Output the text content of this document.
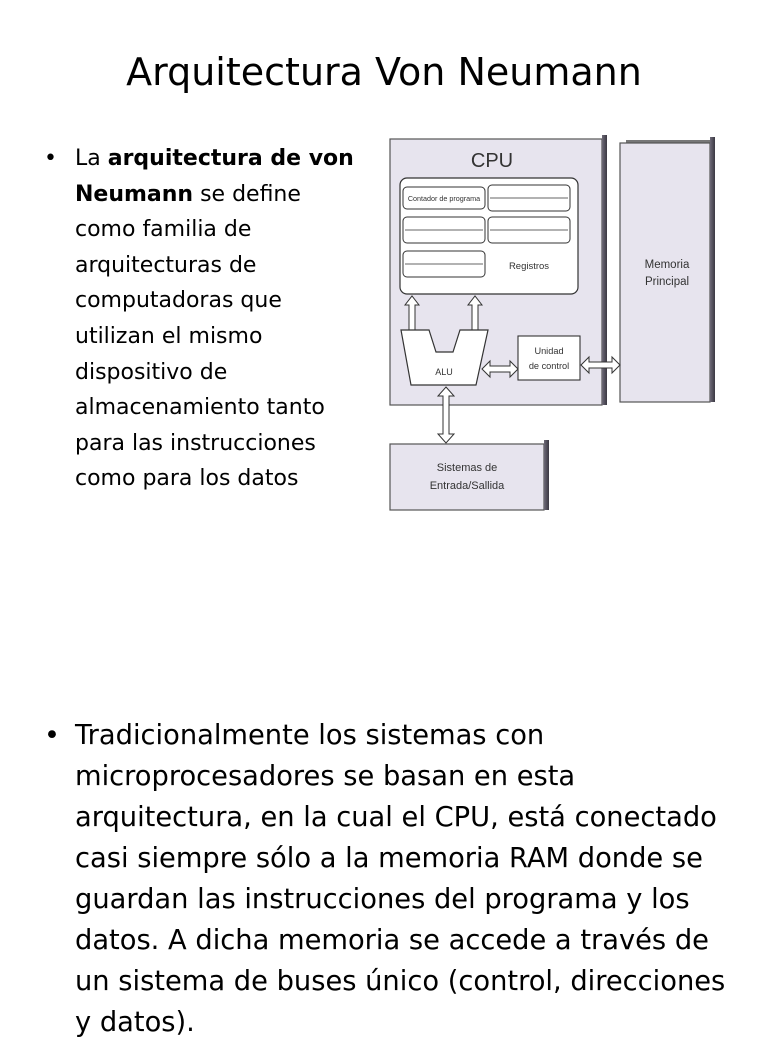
Arquitectura Von Neumann
• La arquitectura de von Neumann se define como familia de arquitecturas de computadoras que utilizan el mismo dispositivo de almacenamiento tanto para las instrucciones como para los datos
Memoria
Principal
CPU
Contador de programa
Registros
ALU
Unidad
de control
Sistemas de
Entrada/Sallida
• Tradicionalmente los sistemas con microprocesadores se basan en esta arquitectura, en la cual el CPU, está conectado casi siempre sólo a la memoria RAM donde se guardan las instrucciones del programa y los datos. A dicha memoria se accede a través de un sistema de buses único (control, direcciones y datos).
